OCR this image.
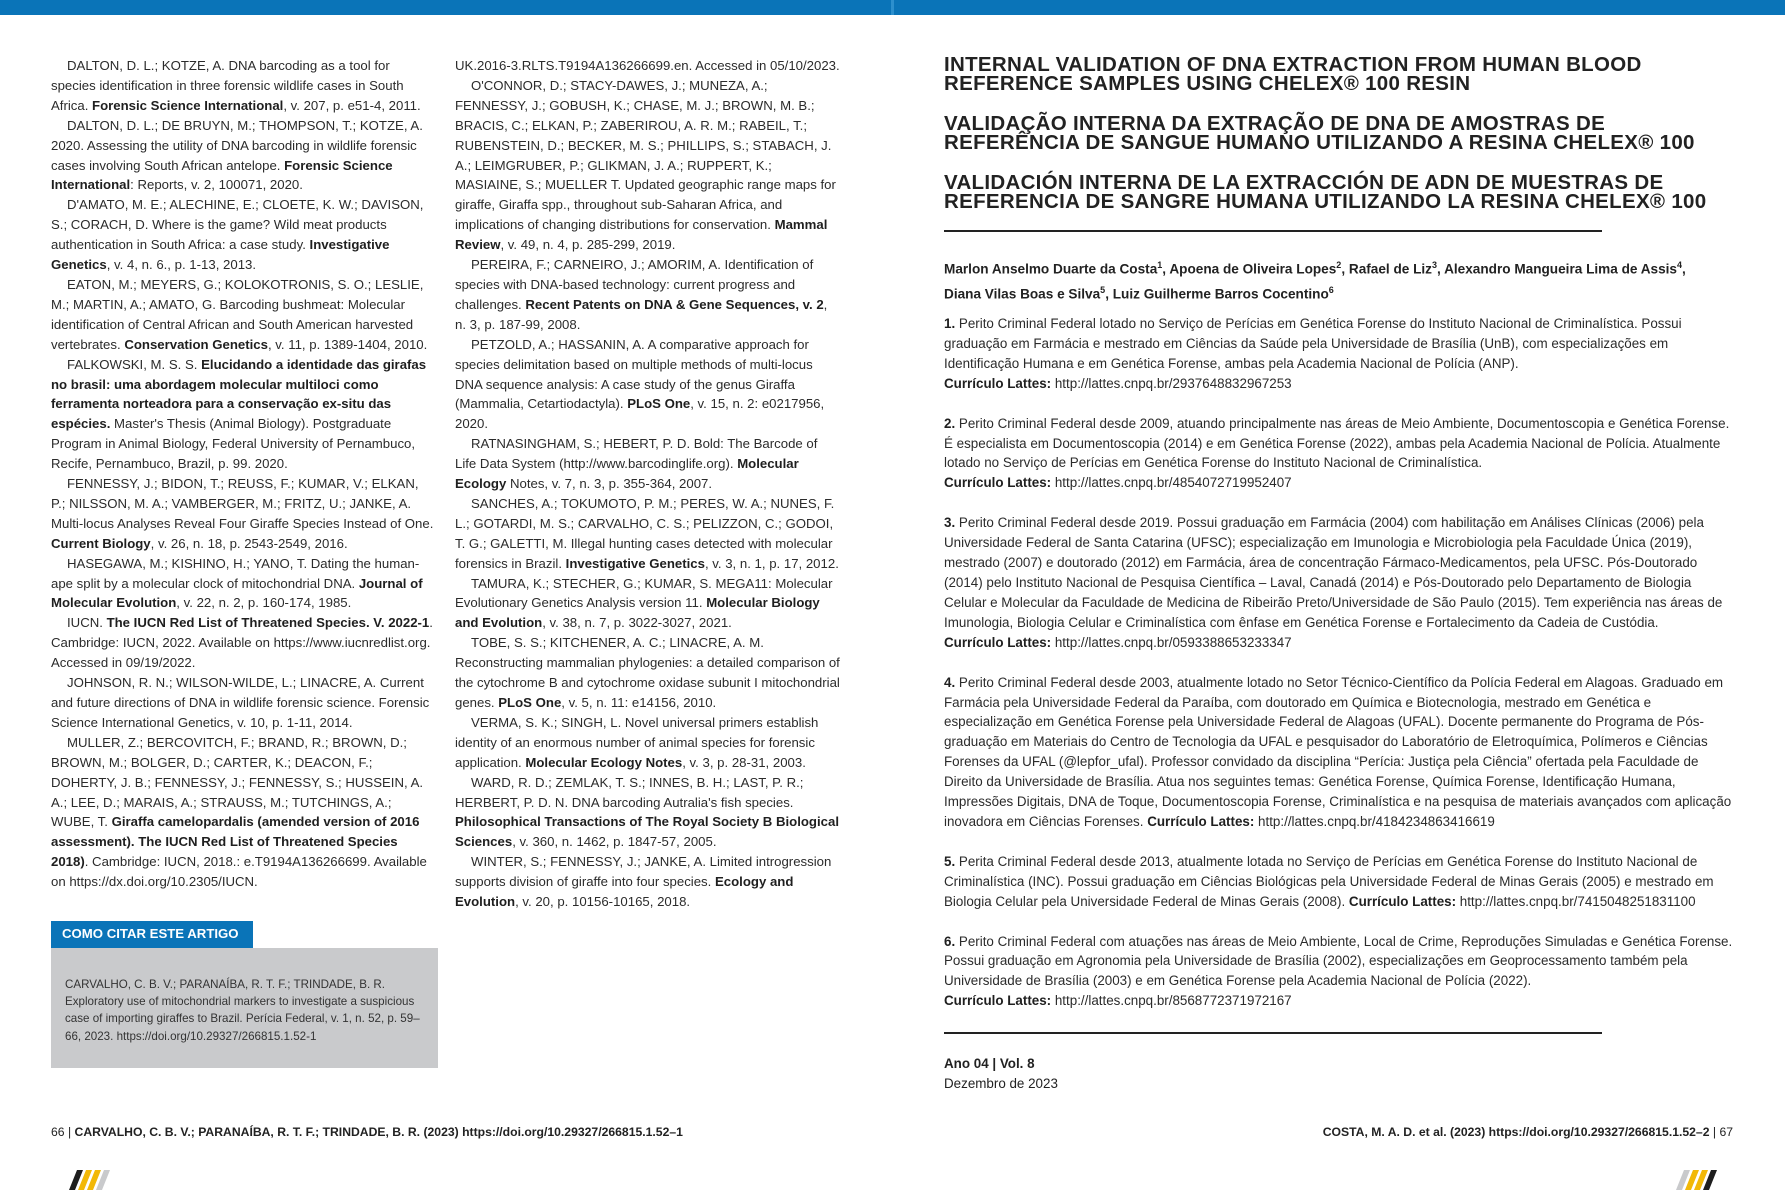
DALTON, D. L.; KOTZE, A. DNA barcoding as a tool for species identification in three forensic wildlife cases in South Africa. Forensic Science International, v. 207, p. e51-4, 2011.

DALTON, D. L.; DE BRUYN, M.; THOMPSON, T.; KOTZE, A. 2020. Assessing the utility of DNA barcoding in wildlife forensic cases involving South African antelope. Forensic Science International: Reports, v. 2, 100071, 2020.

D'AMATO, M. E.; ALECHINE, E.; CLOETE, K. W.; DAVISON, S.; CORACH, D. Where is the game? Wild meat products authentication in South Africa: a case study. Investigative Genetics, v. 4, n. 6., p. 1-13, 2013.

EATON, M.; MEYERS, G.; KOLOKOTRONIS, S. O.; LESLIE, M.; MARTIN, A.; AMATO, G. Barcoding bushmeat: Molecular identification of Central African and South American harvested vertebrates. Conservation Genetics, v. 11, p. 1389-1404, 2010.

FALKOWSKI, M. S. S. Elucidando a identidade das girafas no brasil: uma abordagem molecular multiloci como ferramenta norteadora para a conservação ex-situ das espécies. Master's Thesis (Animal Biology). Postgraduate Program in Animal Biology, Federal University of Pernambuco, Recife, Pernambuco, Brazil, p. 99. 2020.

FENNESSY, J.; BIDON, T.; REUSS, F.; KUMAR, V.; ELKAN, P.; NILSSON, M. A.; VAMBERGER, M.; FRITZ, U.; JANKE, A. Multi-locus Analyses Reveal Four Giraffe Species Instead of One. Current Biology, v. 26, n. 18, p. 2543-2549, 2016.

HASEGAWA, M.; KISHINO, H.; YANO, T. Dating the human-ape split by a molecular clock of mitochondrial DNA. Journal of Molecular Evolution, v. 22, n. 2, p. 160-174, 1985.

IUCN. The IUCN Red List of Threatened Species. V. 2022-1. Cambridge: IUCN, 2022. Available on https://www.iucnredlist.org. Accessed in 09/19/2022.

JOHNSON, R. N.; WILSON-WILDE, L.; LINACRE, A. Current and future directions of DNA in wildlife forensic science. Forensic Science International Genetics, v. 10, p. 1-11, 2014.

MULLER, Z.; BERCOVITCH, F.; BRAND, R.; BROWN, D.; BROWN, M.; BOLGER, D.; CARTER, K.; DEACON, F.; DOHERTY, J. B.; FENNESSY, J.; FENNESSY, S.; HUSSEIN, A. A.; LEE, D.; MARAIS, A.; STRAUSS, M.; TUTCHINGS, A.; WUBE, T. Giraffa camelopardalis (amended version of 2016 assessment). The IUCN Red List of Threatened Species 2018). Cambridge: IUCN, 2018.: e.T9194A136266699. Available on https://dx.doi.org/10.2305/IUCN.

UK.2016-3.RLTS.T9194A136266699.en. Accessed in 05/10/2023.

O'CONNOR, D.; STACY-DAWES, J.; MUNEZA, A.; FENNESSY, J.; GOBUSH, K.; CHASE, M. J.; BROWN, M. B.; BRACIS, C.; ELKAN, P.; ZABERIROU, A. R. M.; RABEIL, T.; RUBENSTEIN, D.; BECKER, M. S.; PHILLIPS, S.; STABACH, J. A.; LEIMGRUBER, P.; GLIKMAN, J. A.; RUPPERT, K.; MASIAINE, S.; MUELLER T. Updated geographic range maps for giraffe, Giraffa spp., throughout sub-Saharan Africa, and implications of changing distributions for conservation. Mammal Review, v. 49, n. 4, p. 285-299, 2019.

PEREIRA, F.; CARNEIRO, J.; AMORIM, A. Identification of species with DNA-based technology: current progress and challenges. Recent Patents on DNA & Gene Sequences, v. 2, n. 3, p. 187-99, 2008.

PETZOLD, A.; HASSANIN, A. A comparative approach for species delimitation based on multiple methods of multi-locus DNA sequence analysis: A case study of the genus Giraffa (Mammalia, Cetartiodactyla). PLoS One, v. 15, n. 2: e0217956, 2020.

RATNASINGHAM, S.; HEBERT, P. D. Bold: The Barcode of Life Data System (http://www.barcodinglife.org). Molecular Ecology Notes, v. 7, n. 3, p. 355-364, 2007.

SANCHES, A.; TOKUMOTO, P. M.; PERES, W. A.; NUNES, F. L.; GOTARDI, M. S.; CARVALHO, C. S.; PELIZZON, C.; GODOI, T. G.; GALETTI, M. Illegal hunting cases detected with molecular forensics in Brazil. Investigative Genetics, v. 3, n. 1, p. 17, 2012.

TAMURA, K.; STECHER, G.; KUMAR, S. MEGA11: Molecular Evolutionary Genetics Analysis version 11. Molecular Biology and Evolution, v. 38, n. 7, p. 3022-3027, 2021.

TOBE, S. S.; KITCHENER, A. C.; LINACRE, A. M. Reconstructing mammalian phylogenies: a detailed comparison of the cytochrome B and cytochrome oxidase subunit I mitochondrial genes. PLoS One, v. 5, n. 11: e14156, 2010.

VERMA, S. K.; SINGH, L. Novel universal primers establish identity of an enormous number of animal species for forensic application. Molecular Ecology Notes, v. 3, p. 28-31, 2003.

WARD, R. D.; ZEMLAK, T. S.; INNES, B. H.; LAST, P. R.; HERBERT, P. D. N. DNA barcoding Autralia's fish species. Philosophical Transactions of The Royal Society B Biological Sciences, v. 360, n. 1462, p. 1847-57, 2005.

WINTER, S.; FENNESSY, J.; JANKE, A. Limited introgression supports division of giraffe into four species. Ecology and Evolution, v. 20, p. 10156-10165, 2018.

COMO CITAR ESTE ARTIGO

CARVALHO, C. B. V.; PARANAÍBA, R. T. F.; TRINDADE, B. R. Exploratory use of mitochondrial markers to investigate a suspicious case of importing giraffes to Brazil. Perícia Federal, v. 1, n. 52, p. 59–66, 2023. https://doi.org/10.29327/266815.1.52-1

66 | CARVALHO, C. B. V.; PARANAÍBA, R. T. F.; TRINDADE, B. R. (2023) https://doi.org/10.29327/266815.1.52–1

INTERNAL VALIDATION OF DNA EXTRACTION FROM HUMAN BLOOD REFERENCE SAMPLES USING CHELEX® 100 RESIN

VALIDAÇÃO INTERNA DA EXTRAÇÃO DE DNA DE AMOSTRAS DE REFERÊNCIA DE SANGUE HUMANO UTILIZANDO A RESINA CHELEX® 100

VALIDACIÓN INTERNA DE LA EXTRACCIÓN DE ADN DE MUESTRAS DE REFERENCIA DE SANGRE HUMANA UTILIZANDO LA RESINA CHELEX® 100

Marlon Anselmo Duarte da Costa$^1$, Apoena de Oliveira Lopes$^2$, Rafael de Liz$^3$, Alexandro Mangueira Lima de Assis$^4$,
Diana Vilas Boas e Silva$^5$, Luiz Guilherme Barros Cocentino$^6$
1. Perito Criminal Federal lotado no Serviço de Perícias em Genética Forense do Instituto Nacional de Criminalística. Possui graduação em Farmácia e mestrado em Ciências da Saúde pela Universidade de Brasília (UnB), com especializações em Identificação Humana e em Genética Forense, ambas pela Academia Nacional de Polícia (ANP).
Currículo Lattes: http://lattes.cnpq.br/2937648832967253
2. Perito Criminal Federal desde 2009, atuando principalmente nas áreas de Meio Ambiente, Documentoscopia e Genética Forense. É especialista em Documentoscopia (2014) e em Genética Forense (2022), ambas pela Academia Nacional de Polícia. Atualmente lotado no Serviço de Perícias em Genética Forense do Instituto Nacional de Criminalística.
Currículo Lattes: http://lattes.cnpq.br/4854072719952407
3. Perito Criminal Federal desde 2019. Possui graduação em Farmácia (2004) com habilitação em Análises Clínicas (2006) pela Universidade Federal de Santa Catarina (UFSC); especialização em Imunologia e Microbiologia pela Faculdade Única (2019), mestrado (2007) e doutorado (2012) em Farmácia, área de concentração Fármaco-Medicamentos, pela UFSC. Pós-Doutorado (2014) pelo Instituto Nacional de Pesquisa Científica – Laval, Canadá (2014) e Pós-Doutorado pelo Departamento de Biologia Celular e Molecular da Faculdade de Medicina de Ribeirão Preto/Universidade de São Paulo (2015). Tem experiência nas áreas de Imunologia, Biologia Celular e Criminalística com ênfase em Genética Forense e Fortalecimento da Cadeia de Custódia.
Currículo Lattes: http://lattes.cnpq.br/0593388653233347
4. Perito Criminal Federal desde 2003, atualmente lotado no Setor Técnico-Científico da Polícia Federal em Alagoas. Graduado em Farmácia pela Universidade Federal da Paraíba, com doutorado em Química e Biotecnologia, mestrado em Genética e especialização em Genética Forense pela Universidade Federal de Alagoas (UFAL). Docente permanente do Programa de Pós-graduação em Materiais do Centro de Tecnologia da UFAL e pesquisador do Laboratório de Eletroquímica, Polímeros e Ciências Forenses da UFAL (@lepfor_ufal). Professor convidado da disciplina “Perícia: Justiça pela Ciência” ofertada pela Faculdade de Direito da Universidade de Brasília. Atua nos seguintes temas: Genética Forense, Química Forense, Identificação Humana, Impressões Digitais, DNA de Toque, Documentoscopia Forense, Criminalística e na pesquisa de materiais avançados com aplicação inovadora em Ciências Forenses. Currículo Lattes: http://lattes.cnpq.br/4184234863416619
5. Perita Criminal Federal desde 2013, atualmente lotada no Serviço de Perícias em Genética Forense do Instituto Nacional de Criminalística (INC). Possui graduação em Ciências Biológicas pela Universidade Federal de Minas Gerais (2005) e mestrado em Biologia Celular pela Universidade Federal de Minas Gerais (2008). Currículo Lattes: http://lattes.cnpq.br/7415048251831100
6. Perito Criminal Federal com atuações nas áreas de Meio Ambiente, Local de Crime, Reproduções Simuladas e Genética Forense. Possui graduação em Agronomia pela Universidade de Brasília (2002), especializações em Geoprocessamento também pela Universidade de Brasília (2003) e em Genética Forense pela Academia Nacional de Polícia (2022).
Currículo Lattes: http://lattes.cnpq.br/8568772371972167
Ano 04 | Vol. 8
Dezembro de 2023
COSTA, M. A. D. et al. (2023) https://doi.org/10.29327/266815.1.52–2 | 67
